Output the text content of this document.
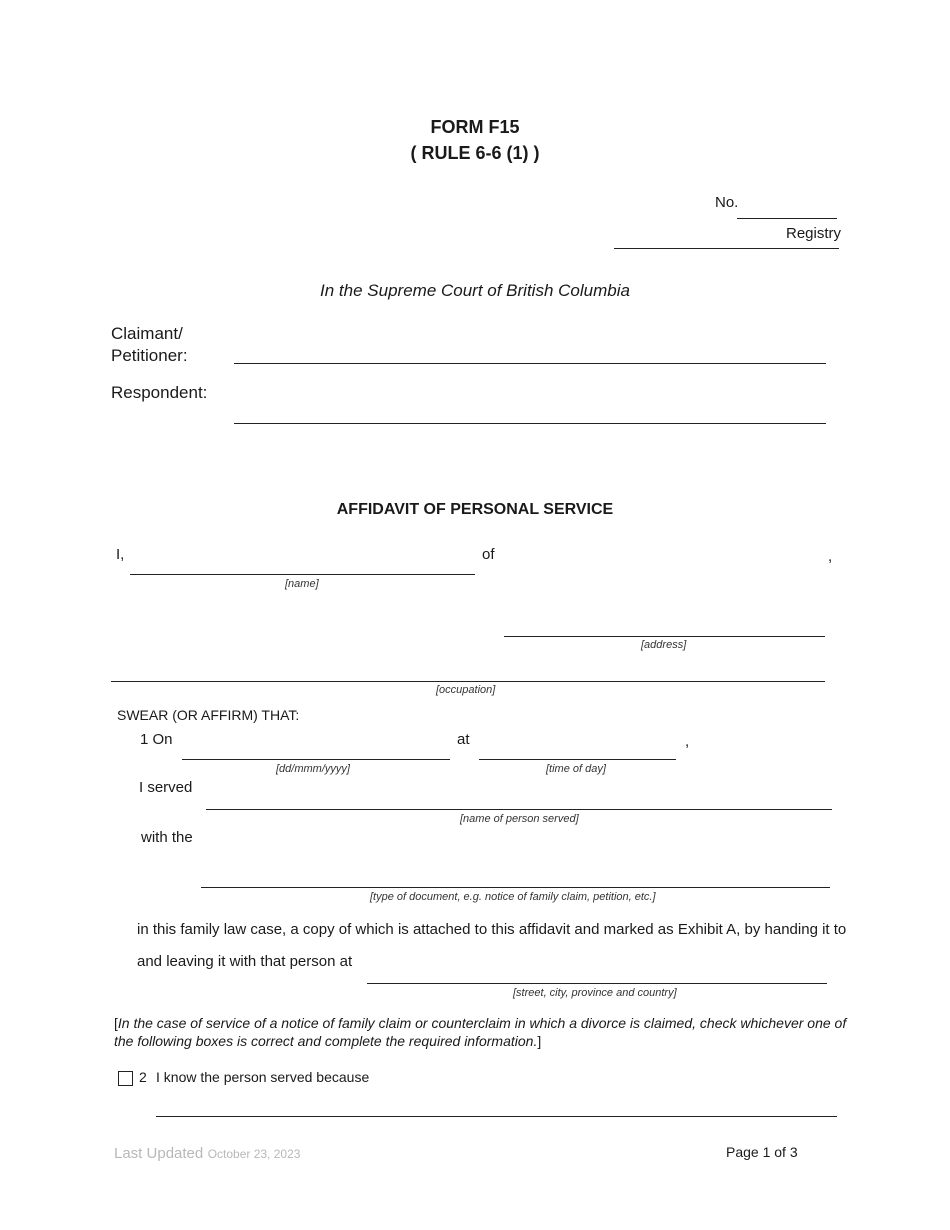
FORM F15
( RULE 6-6 (1) )
No.
Registry
In the Supreme Court of British Columbia
Claimant/
Petitioner:
Respondent:
AFFIDAVIT OF PERSONAL SERVICE
I,
[name]
of	,
[address]
[occupation]
SWEAR (OR AFFIRM) THAT:
1 On
[dd/mmm/yyyy]
at
[time of day]
,
I served
[name of person served]
with the
[type of document, e.g. notice of family claim, petition, etc.]
in this family law case, a copy of which is attached to this affidavit and marked as Exhibit A, by handing it to
and leaving it with that person at
[street, city, province and country]
[In the case of service of a notice of family claim or counterclaim in which a divorce is claimed, check whichever one of
the following boxes is correct and complete the required information.]
2 I know the person served because
Last Updated October 23, 2023	Page 1 of 3
